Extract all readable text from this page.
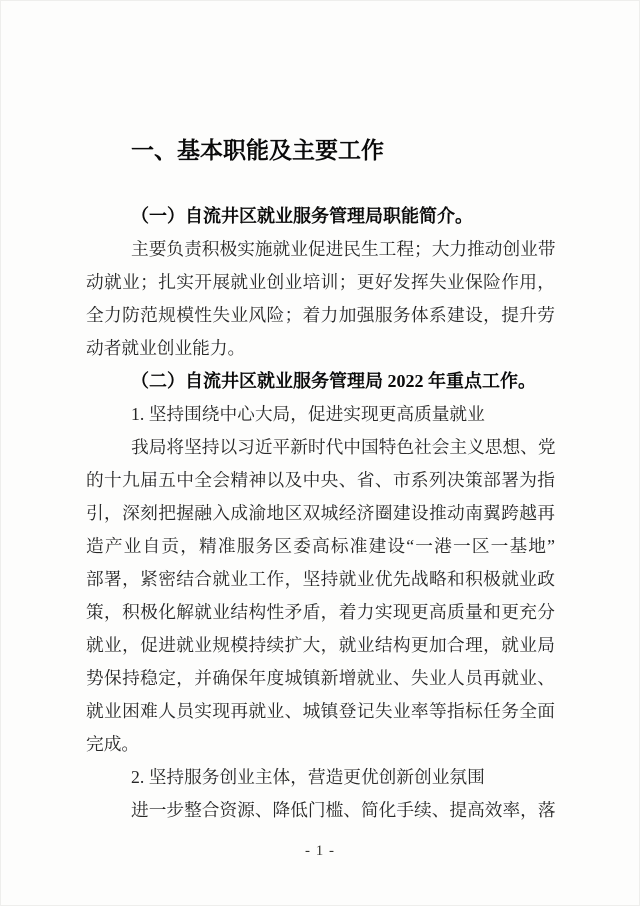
一、基本职能及主要工作
（一）自流井区就业服务管理局职能简介。
主要负责积极实施就业促进民生工程；大力推动创业带
动就业；扎实开展就业创业培训；更好发挥失业保险作用，
全力防范规模性失业风险；着力加强服务体系建设，提升劳
动者就业创业能力。
（二）自流井区就业服务管理局 2022 年重点工作。
1. 坚持围绕中心大局，促进实现更高质量就业
我局将坚持以习近平新时代中国特色社会主义思想、党
的十九届五中全会精神以及中央、省、市系列决策部署为指
引，深刻把握融入成渝地区双城经济圈建设推动南翼跨越再
造产业自贡，精准服务区委高标准建设“一港一区一基地”
部署，紧密结合就业工作，坚持就业优先战略和积极就业政
策，积极化解就业结构性矛盾，着力实现更高质量和更充分
就业，促进就业规模持续扩大，就业结构更加合理，就业局
势保持稳定，并确保年度城镇新增就业、失业人员再就业、
就业困难人员实现再就业、城镇登记失业率等指标任务全面
完成。
2. 坚持服务创业主体，营造更优创新创业氛围
进一步整合资源、降低门槛、简化手续、提高效率，落
- 1 -
